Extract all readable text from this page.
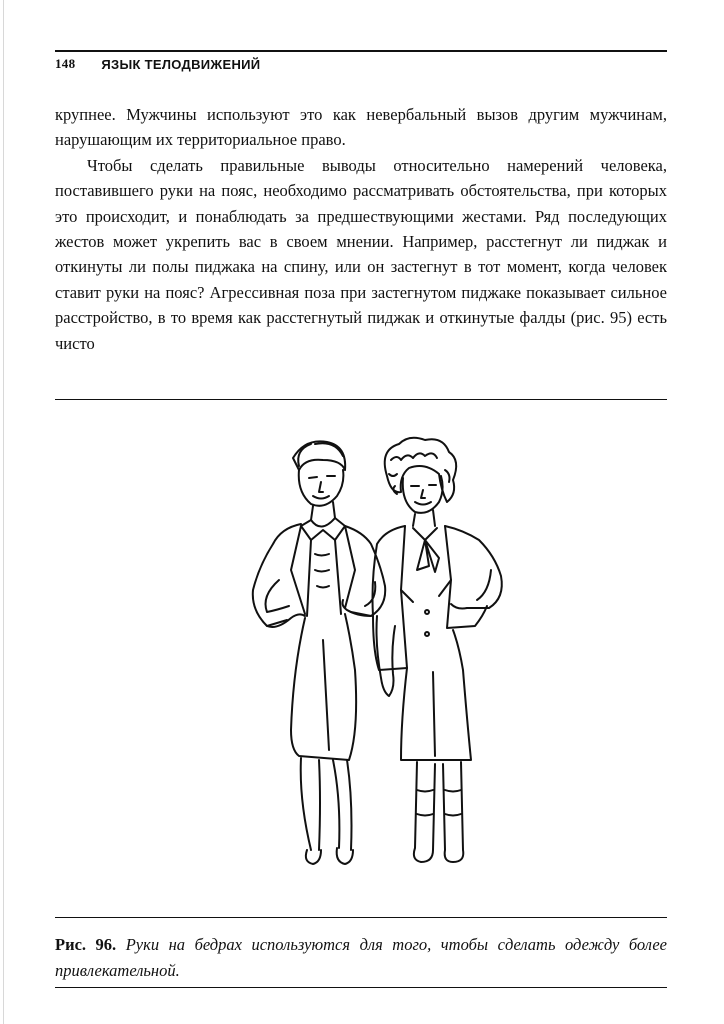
148 ЯЗЫК ТЕЛОДВИЖЕНИЙ

крупнее. Мужчины используют это как невербальный вызов другим мужчинам, нарушающим их территориальное право.

Чтобы сделать правильные выводы относительно намерений человека, поставившего руки на пояс, необходимо рассматривать обстоятельства, при которых это происходит, и понаблюдать за предшествующими жестами. Ряд последующих жестов может укрепить вас в своем мнении. Например, расстегнут ли пиджак и откинуты ли полы пиджака на спину, или он застегнут в тот момент, когда человек ставит руки на пояс? Агрессивная поза при застегнутом пиджаке показывает сильное расстройство, в то время как расстегнутый пиджак и откинутые фалды (рис. 95) есть чисто

Рис. 96. Руки на бедрах используются для того, чтобы сделать одежду более привлекательной.
